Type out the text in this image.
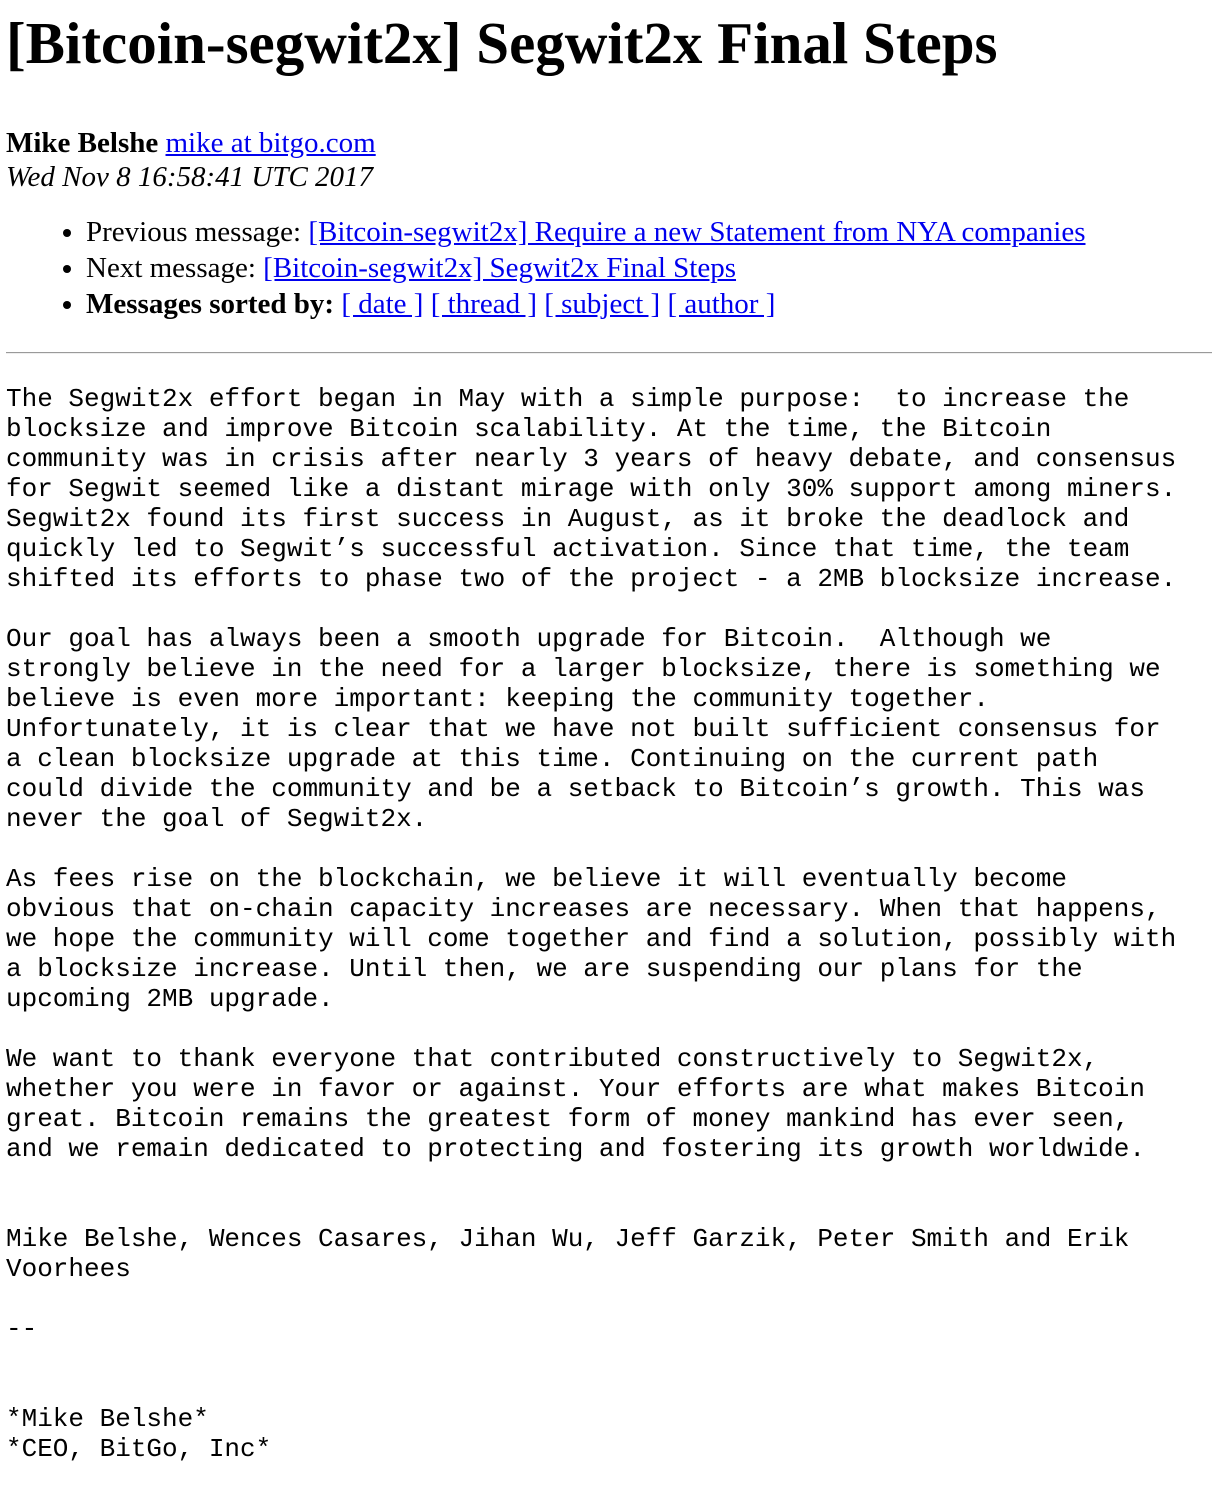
[Bitcoin-segwit2x] Segwit2x Final Steps
Mike Belshe mike at bitgo.com
Wed Nov 8 16:58:41 UTC 2017
• Previous message: [Bitcoin-segwit2x] Require a new Statement from NYA companies
• Next message: [Bitcoin-segwit2x] Segwit2x Final Steps
• Messages sorted by: [ date ] [ thread ] [ subject ] [ author ]
The Segwit2x effort began in May with a simple purpose:  to increase the
blocksize and improve Bitcoin scalability. At the time, the Bitcoin
community was in crisis after nearly 3 years of heavy debate, and consensus
for Segwit seemed like a distant mirage with only 30% support among miners.
Segwit2x found its first success in August, as it broke the deadlock and
quickly led to Segwit’s successful activation. Since that time, the team
shifted its efforts to phase two of the project - a 2MB blocksize increase.

Our goal has always been a smooth upgrade for Bitcoin.  Although we
strongly believe in the need for a larger blocksize, there is something we
believe is even more important: keeping the community together.
Unfortunately, it is clear that we have not built sufficient consensus for
a clean blocksize upgrade at this time. Continuing on the current path
could divide the community and be a setback to Bitcoin’s growth. This was
never the goal of Segwit2x.

As fees rise on the blockchain, we believe it will eventually become
obvious that on-chain capacity increases are necessary. When that happens,
we hope the community will come together and find a solution, possibly with
a blocksize increase. Until then, we are suspending our plans for the
upcoming 2MB upgrade.

We want to thank everyone that contributed constructively to Segwit2x,
whether you were in favor or against. Your efforts are what makes Bitcoin
great. Bitcoin remains the greatest form of money mankind has ever seen,
and we remain dedicated to protecting and fostering its growth worldwide.

Mike Belshe, Wences Casares, Jihan Wu, Jeff Garzik, Peter Smith and Erik
Voorhees

--

*Mike Belshe*
*CEO, BitGo, Inc*
